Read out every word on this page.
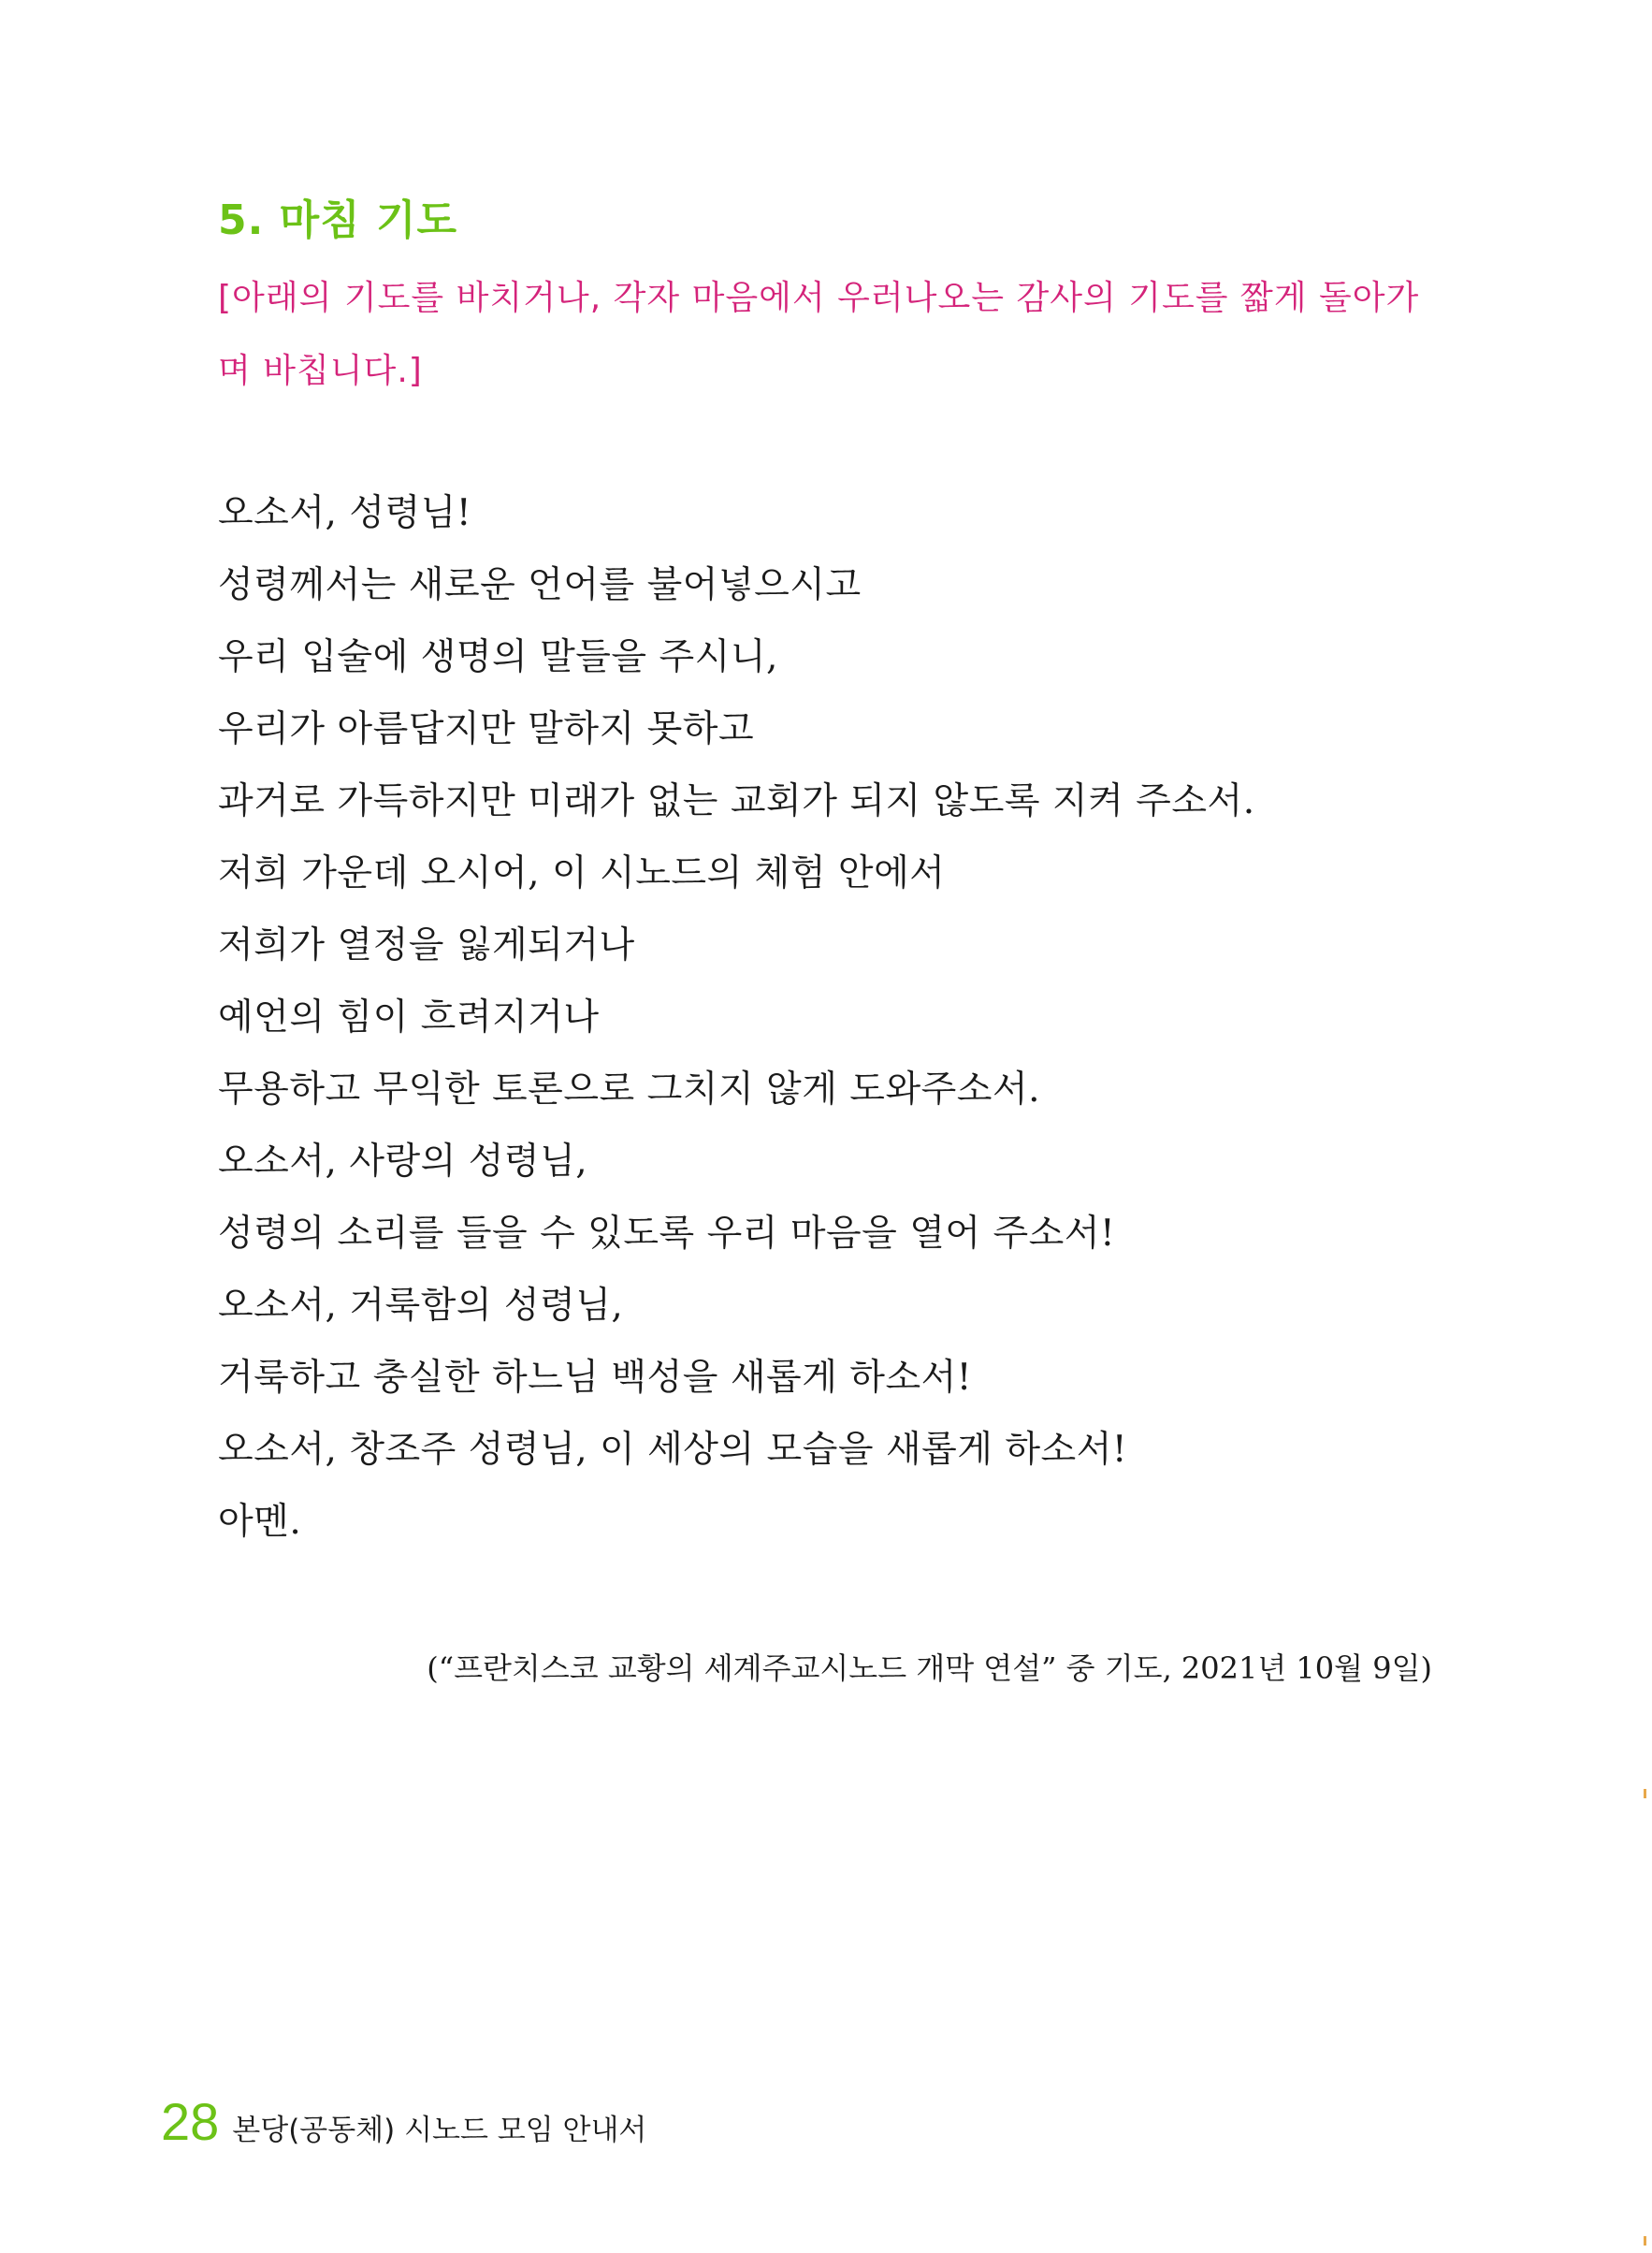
5. 마침 기도

[아래의 기도를 바치거나, 각자 마음에서 우러나오는 감사의 기도를 짧게 돌아가며 바칩니다.]

오소서, 성령님!
성령께서는 새로운 언어를 불어넣으시고
우리 입술에 생명의 말들을 주시니,
우리가 아름답지만 말하지 못하고
과거로 가득하지만 미래가 없는 교회가 되지 않도록 지켜 주소서.
저희 가운데 오시어, 이 시노드의 체험 안에서
저희가 열정을 잃게되거나
예언의 힘이 흐려지거나
무용하고 무익한 토론으로 그치지 않게 도와주소서.
오소서, 사랑의 성령님,
성령의 소리를 들을 수 있도록 우리 마음을 열어 주소서!
오소서, 거룩함의 성령님,
거룩하고 충실한 하느님 백성을 새롭게 하소서!
오소서, 창조주 성령님, 이 세상의 모습을 새롭게 하소서!
아멘.

(“프란치스코 교황의 세계주교시노드 개막 연설” 중 기도, 2021년 10월 9일)

28 본당(공동체) 시노드 모임 안내서
